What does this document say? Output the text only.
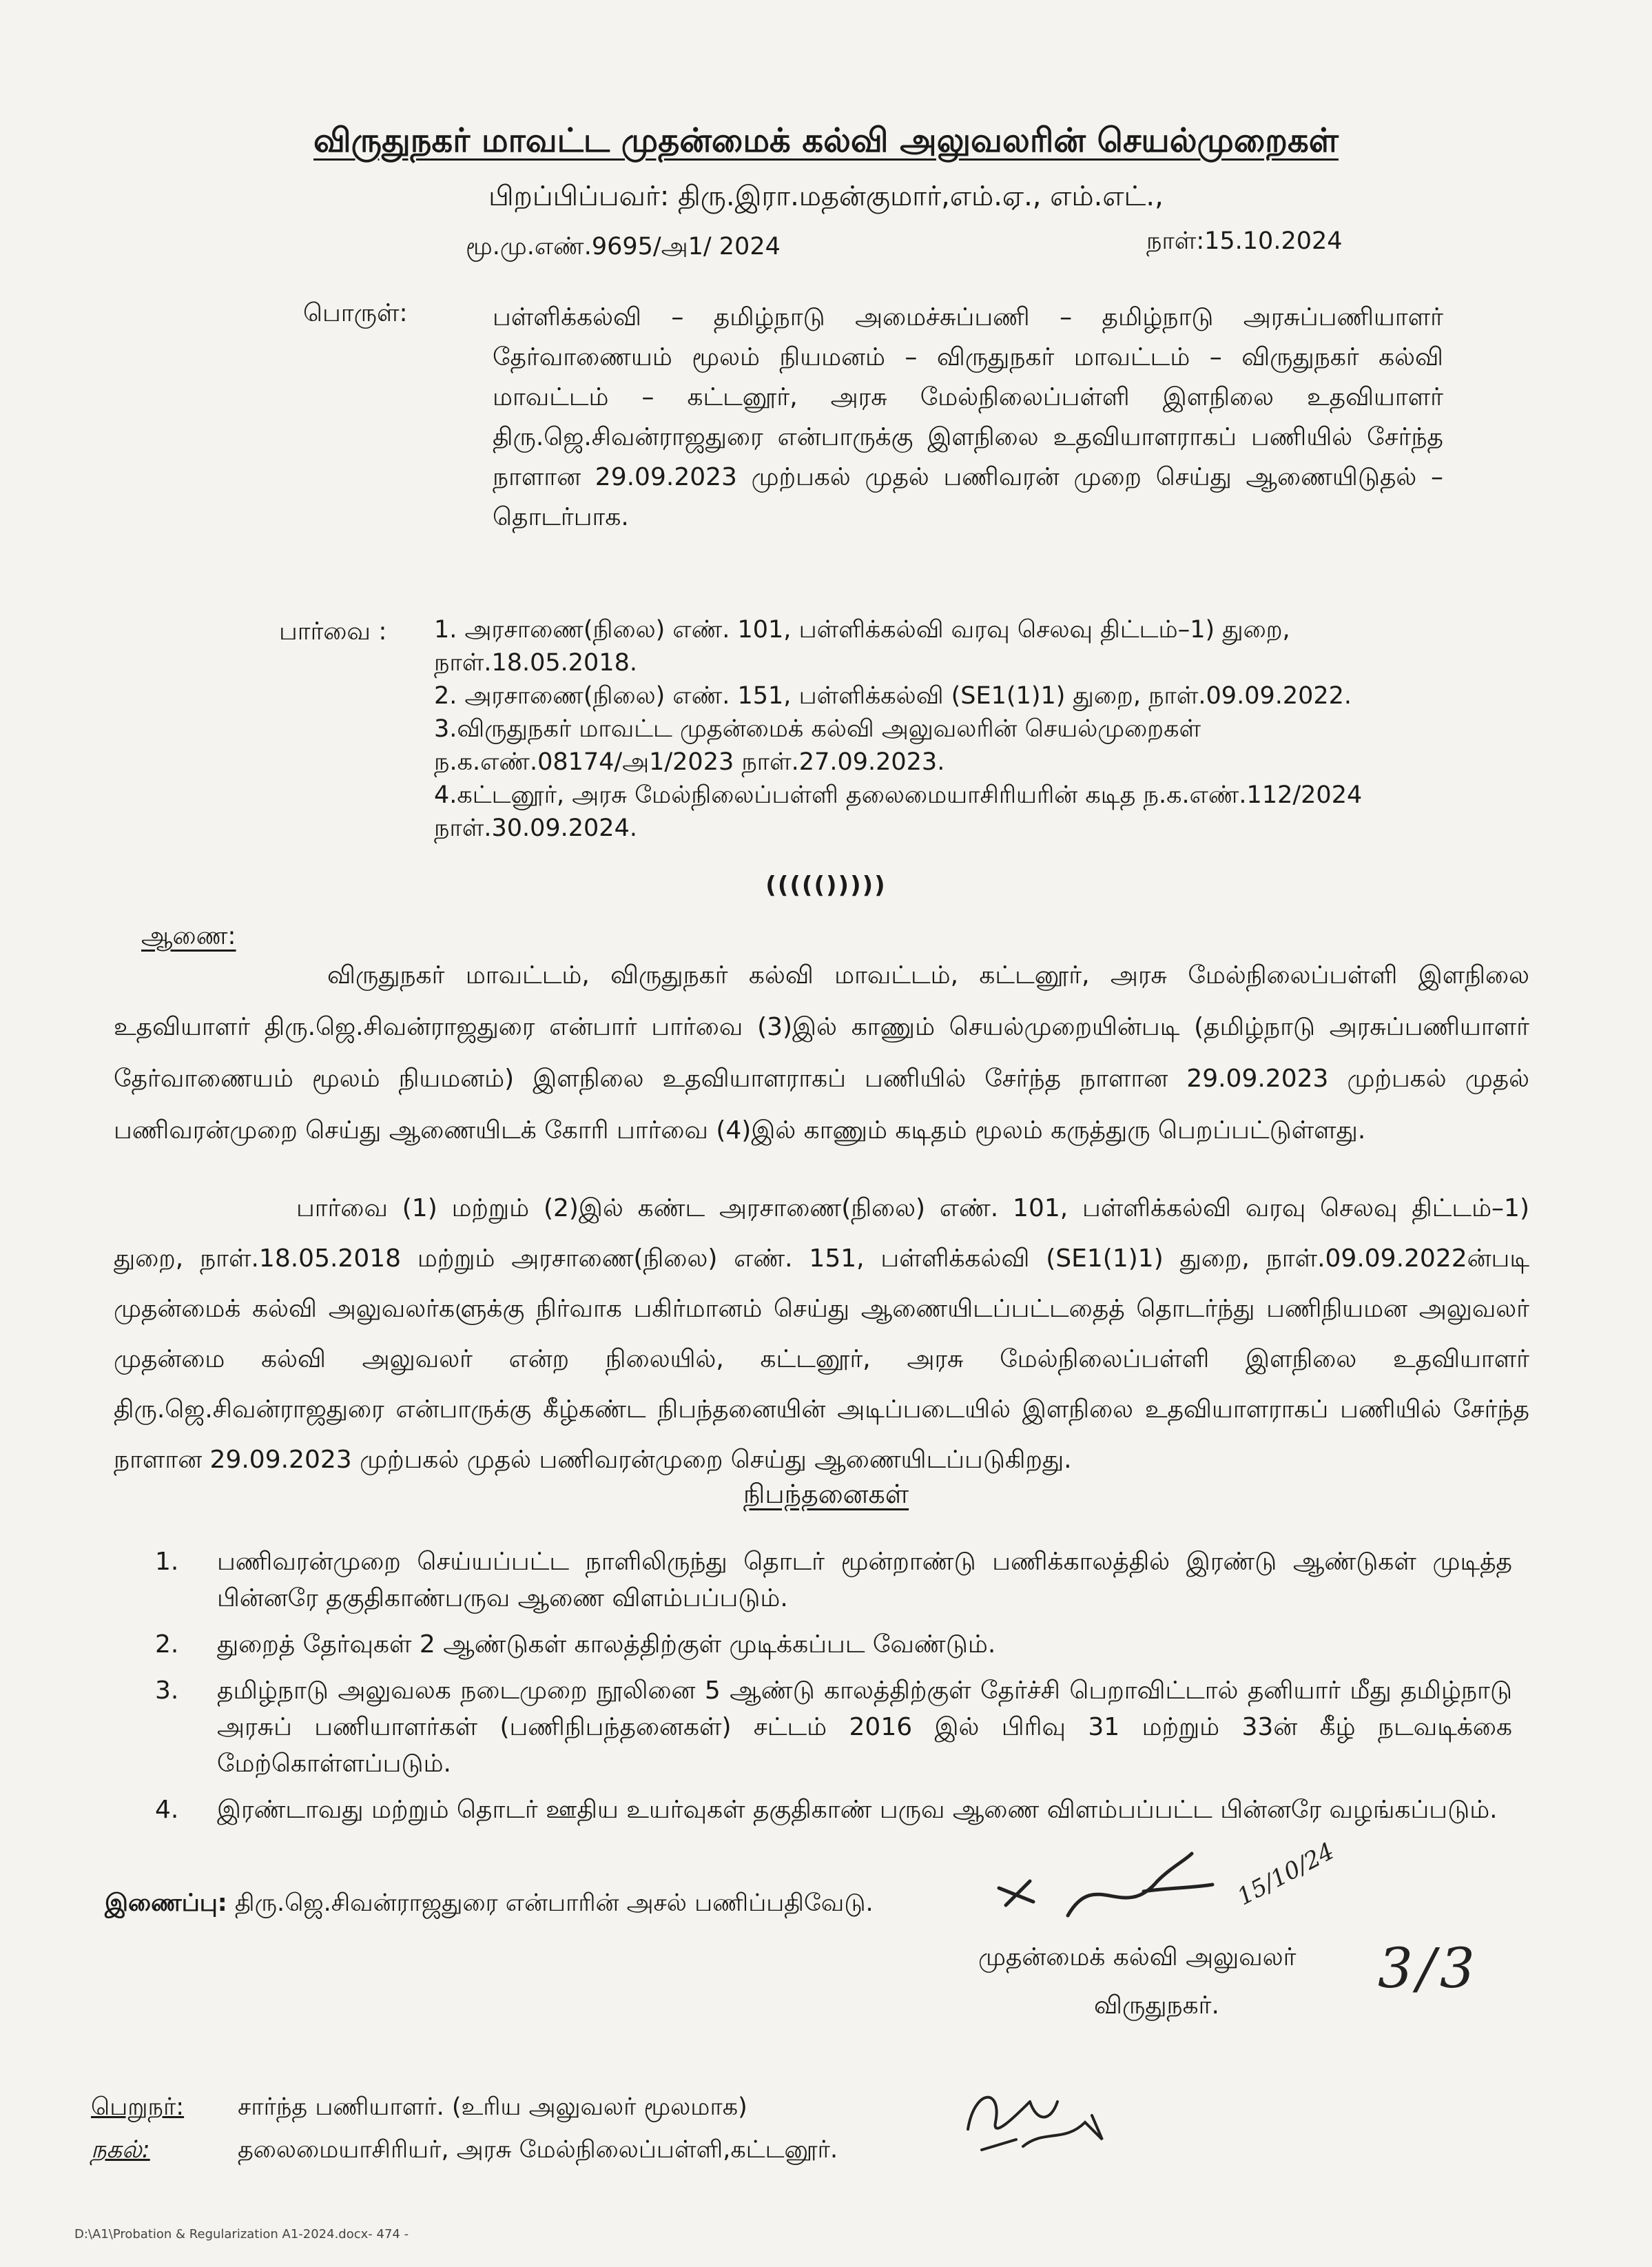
விருதுநகர் மாவட்ட முதன்மைக் கல்வி அலுவலரின் செயல்முறைகள்
பிறப்பிப்பவர்: திரு.இரா.மதன்குமார்,எம்.ஏ., எம்.எட்.,
மூ.மு.எண்.9695/அ1/ 2024	நாள்:15.10.2024
பொருள்:	பள்ளிக்கல்வி – தமிழ்நாடு அமைச்சுப்பணி – தமிழ்நாடு அரசுப்பணியாளர் தேர்வாணையம் மூலம் நியமனம் – விருதுநகர் மாவட்டம் – விருதுநகர் கல்வி மாவட்டம் – கட்டனூர், அரசு மேல்நிலைப்பள்ளி இளநிலை உதவியாளர் திரு.ஜெ.சிவன்ராஜதுரை என்பாருக்கு இளநிலை உதவியாளராகப் பணியில் சேர்ந்த நாளான 29.09.2023 முற்பகல் முதல் பணிவரன் முறை செய்து ஆணையிடுதல் – தொடர்பாக.
பார்வை : 1. அரசாணை(நிலை) எண். 101, பள்ளிக்கல்வி வரவு செலவு திட்டம்–1) துறை,
நாள்.18.05.2018.
2. அரசாணை(நிலை) எண். 151, பள்ளிக்கல்வி (SE1(1)1) துறை, நாள்.09.09.2022.
3.விருதுநகர் மாவட்ட முதன்மைக் கல்வி அலுவலரின் செயல்முறைகள்
ந.க.எண்.08174/அ1/2023 நாள்.27.09.2023.
4.கட்டனூர், அரசு மேல்நிலைப்பள்ளி தலைமையாசிரியரின் கடித ந.க.எண்.112/2024
நாள்.30.09.2024.
((((()))))
ஆணை:
விருதுநகர் மாவட்டம், விருதுநகர் கல்வி மாவட்டம், கட்டனூர், அரசு மேல்நிலைப்பள்ளி இளநிலை உதவியாளர் திரு.ஜெ.சிவன்ராஜதுரை என்பார் பார்வை (3)இல் காணும் செயல்முறையின்படி (தமிழ்நாடு அரசுப்பணியாளர் தேர்வாணையம் மூலம் நியமனம்) இளநிலை உதவியாளராகப் பணியில் சேர்ந்த நாளான 29.09.2023 முற்பகல் முதல் பணிவரன்முறை செய்து ஆணையிடக் கோரி பார்வை (4)இல் காணும் கடிதம் மூலம் கருத்துரு பெறப்பட்டுள்ளது.
பார்வை (1) மற்றும் (2)இல் கண்ட அரசாணை(நிலை) எண். 101, பள்ளிக்கல்வி வரவு செலவு திட்டம்–1) துறை, நாள்.18.05.2018 மற்றும் அரசாணை(நிலை) எண். 151, பள்ளிக்கல்வி (SE1(1)1) துறை, நாள்.09.09.2022ன்படி முதன்மைக் கல்வி அலுவலர்களுக்கு நிர்வாக பகிர்மானம் செய்து ஆணையிடப்பட்டதைத் தொடர்ந்து பணிநியமன அலுவலர் முதன்மை கல்வி அலுவலர் என்ற நிலையில், கட்டனூர், அரசு மேல்நிலைப்பள்ளி இளநிலை உதவியாளர் திரு.ஜெ.சிவன்ராஜதுரை என்பாருக்கு கீழ்கண்ட நிபந்தனையின் அடிப்படையில் இளநிலை உதவியாளராகப் பணியில் சேர்ந்த நாளான 29.09.2023 முற்பகல் முதல் பணிவரன்முறை செய்து ஆணையிடப்படுகிறது.
நிபந்தனைகள்
1. பணிவரன்முறை செய்யப்பட்ட நாளிலிருந்து தொடர் மூன்றாண்டு பணிக்காலத்தில் இரண்டு ஆண்டுகள் முடித்த பின்னரே தகுதிகாண்பருவ ஆணை விளம்பப்படும்.
2. துறைத் தேர்வுகள் 2 ஆண்டுகள் காலத்திற்குள் முடிக்கப்பட வேண்டும்.
3. தமிழ்நாடு அலுவலக நடைமுறை நூலினை 5 ஆண்டு காலத்திற்குள் தேர்ச்சி பெறாவிட்டால் தனியார் மீது தமிழ்நாடு அரசுப் பணியாளர்கள் (பணிநிபந்தனைகள்) சட்டம் 2016 இல் பிரிவு 31 மற்றும் 33ன் கீழ் நடவடிக்கை மேற்கொள்ளப்படும்.
4. இரண்டாவது மற்றும் தொடர் ஊதிய உயர்வுகள் தகுதிகாண் பருவ ஆணை விளம்பப்பட்ட பின்னரே வழங்கப்படும்.
இணைப்பு: திரு.ஜெ.சிவன்ராஜதுரை என்பாரின் அசல் பணிப்பதிவேடு.	15/10/24
3/3
முதன்மைக் கல்வி அலுவலர்
விருதுநகர்.
பெறுநர்: சார்ந்த பணியாளர். (உரிய அலுவலர் மூலமாக)
நகல்:	தலைமையாசிரியர், அரசு மேல்நிலைப்பள்ளி,கட்டனூர்.
D:\A1\Probation & Regularization A1-2024.docx- 474 -
